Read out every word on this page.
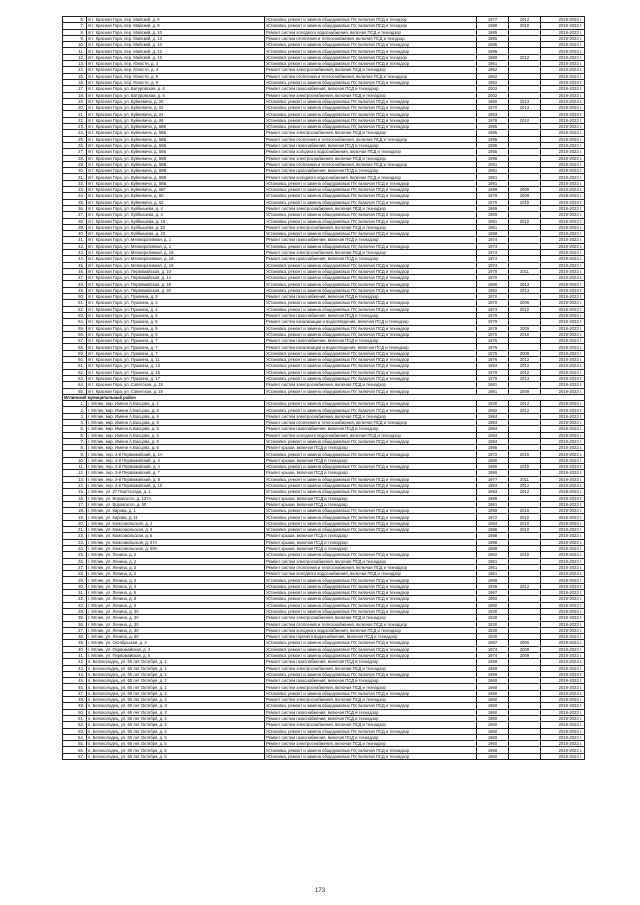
6.	пгт. Красная Гора, пер. Майский, д. 6	Установка, ремонт и замена общедомовых ПУ, включая ПСД и техндзор	1977	2012	2019-2023 г.
7.	пгт. Красная Гора, пер. Майский, д. 8	Установка, ремонт и замена общедомовых ПУ, включая ПСД и техндзор	1980	2010	2019-2023 г.
8.	пгт. Красная Гора, пер. Майский, д. 10	Ремонт систем холодного водоснабжения, включая ПСД и технадзор	1985		2019-2023 г.
9.	пгт. Красная Гора, пер. Майский, д. 10	Ремонт систем отопления и теплоснабжения, включая ПСД и техндзор	1985		2019-2023 г.
10.	пгт. Красная Гора, пер. Майский, д. 10	Установка, ремонт и замена общедомовых ПУ, включая ПСД и технадзор	1985		2019-2023 г.
11.	пгт. Красная Гора, пер. Майский, д. 12	Установка, ремонт и замена общедомовых ПУ, включая ПСД и технадзор	1985		2019-2023 г.
12.	пгт. Красная Гора, пер. Майский, д. 16	Установка, ремонт и замена общедомовых ПУ, включая ПСД и техндзор	1989	2012	2019-2023 г.
13.	пгт. Красная Гора, пер. Юности, д. 4	Установка, ремонт и замена общедомовых ПУ, включая ПСД и технадзор	1961		2019-2023 г.
14.	пгт. Красная Гора, пер. Юности, д. 4	Ремонт систем электроснабжения, включая ПСД и технадзор	1962		2019-2023 г.
15.	пгт. Красная Гора, пер. Юности, д. 6	Ремонт систем отопления и теплоснабжения, включая ПСД и технадзор	1962		2019-2023 г.
16.	пгт. Красная Гора, пер. Юности, д. 6	Установка, ремонт и замена общедомовых ПУ, включая ПСД и технадзор	1962		2019-2023 г.
17.	пгт. Красная Гора, ул. Батуровская, д. 6	Ремонт систем газоснабжения, включая ПСД и технадзор	2002		2019-2023 г.
18.	пгт. Красная Гора, ул. Батуровская, д. 6	Ремонт систем электроснабжения, включая ПСД и технадзор	2002		2019-2023 г.
19.	пгт. Красная Гора, ул. Буйневича, д. 20	Установка, ремонт и замена общедомовых ПУ, включая ПСД и технадзор	1966	2013	2019-2023 г.
20.	пгт. Красная Гора, ул. Буйневича, д. 22	Установка, ремонт и замена общедомовых ПУ, включая ПСД и технадзор	1970	2013	2019-2023 г.
21.	пгт. Красная Гора, ул. Буйневича, д. 24	Установка, ремонт и замена общедомовых ПУ, включая ПСД и технадзор	1963		2019-2023 г.
22.	пгт. Красная Гора, ул. Буйневича, д. 26	Установка, ремонт и замена общедомовых ПУ, включая ПСД и технадзор	1976	2010	2019-2023 г.
23.	пгт. Красная Гора, ул. Буйневича, д. 58Б	Установка, ремонт и замена общедомовых ПУ, включая ПСД и технадзор	1995		2019-2023 г.
24.	пгт. Красная Гора, ул. Буйневича, д. 58Б	Ремонт систем электроснабжения, включая ПСД и технадзор	1995		2019-2023 г.
25.	пгт. Красная Гора, ул. Буйневича, д. 58Б	Ремонт систем отопления и теплоснабжения, включая ПСД и технадзор	1995		2019-2023 г.
26.	пгт. Красная Гора, ул. Буйневича, д. 58Б	Ремонт систем газоснабжения, включая ПСД и технадзор	1995		2019-2023 г.
27.	пгт. Красная Гора, ул. Буйневича, д. 58Б	Ремонт систем холодного водоснабжения, включая ПСД и технадзор	1995		2019-2023 г.
28.	пгт. Красная Гора, ул. Буйневича, д. 58В	Ремонт систем электроснабжения, включая ПСД и технадзор	1995		2019-2023 г.
29.	пгт. Красная Гора, ул. Буйневича, д. 58В	Ремонт систем отопления и теплоснабжения, включая ПСД и технадзор	1991		2019-2023 г.
30.	пгт. Красная Гора, ул. Буйневича, д. 58В	Ремонт систем газоснабжения, включая ПСД и технадзор	1991		2019-2023 г.
31.	пгт. Красная Гора, ул. Буйневича, д. 58В	Ремонт систем холодного водоснабжения, включая ПСД и технадзор	1991		2019-2023 г.
32.	пгт. Красная Гора, ул. Буйневича, д. 58В	Установка, ремонт и замена общедомовых ПУ, включая ПСД и технадзор	1991		2019-2023 г.
33.	пгт. Красная Гора, ул. Буйневича, д. 58Г	Установка, ремонт и замена общедомовых ПУ, включая ПСД и технадзор	1989	2009	2019-2023 г.
34.	пгт. Красная Гора, ул. Буйневича, д. 60	Установка, ремонт и замена общедомовых ПУ, включая ПСД и технадзор	1978	2009	2019-2023 г.
35.	пгт. Красная Гора, ул. Буйневича, д. 62	Установка, ремонт и замена общедомовых ПУ, включая ПСД и технадзор	1970	2010	2019-2023 г.
36.	пгт. Красная Гора, ул. Куйбышева, д. 4	Ремонт систем электроснабжения, включая ПСД и технадзор	1969		2019-2023 г.
37.	пгт. Красная Гора, ул. Куйбышева, д. 4	Установка, ремонт и замена общедомовых ПУ, включая ПСД и технадзор	1969		2019-2023 г.
38.	пгт. Красная Гора, ул. Куйбышева, д. 19	Установка, ремонт и замена общедомовых ПУ, включая ПСД и технадзор	1961	2010	2019-2023 г.
39.	пгт. Красная Гора, ул. Куйбышева, д. 23	Ремонт систем электроснабжения, включая ПСД и технадзор	1961		2019-2023 г.
40.	пгт. Красная Гора, ул. Куйбышева, д. 23	Установка, ремонт и замена общедомовых ПУ, включая ПСД и технадзор	1969		2019-2023 г.
41.	пгт. Красная Гора, ул. Мелиоративная, д. 1	Ремонт систем газоснабжения, включая ПСД и технадзор	1974		2019-2023 г.
42.	пгт. Красная Гора, ул. Мелиоративная, д. 1	Установка, ремонт и замена общедомовых ПУ, включая ПСД и технадзор	1974		2019-2023 г.
43.	пгт. Красная Гора, ул. Мелиоративная, д. 19	Ремонт систем электроснабжения, включая ПСД и технадзор	1974		2019-2023 г.
44.	пгт. Красная Гора, ул. Мелиоративная, д. 19	Ремонт систем газоснабжения, включая ПСД и технадзор	1974		2019-2023 г.
45.	пгт. Красная Гора, ул. Мелиоративная, д. 19	Установка, ремонт и замена общедомовых ПУ, включая ПСД и технадзор	1974		2019-2023 г.
46.	пгт. Красная Гора, ул. Первомайская, д. 10	Установка, ремонт и замена общедомовых ПУ, включая ПСД и технадзор	1970	2011	2019-2023 г.
47.	пгт. Красная Гора, ул. Первомайская, д. 14	Установка, ремонт и замена общедомовых ПУ, включая ПСД и технадзор	1970		2019-2023 г.
48.	пгт. Красная Гора, ул. Первомайская, д. 18	Установка, ремонт и замена общедомовых ПУ, включая ПСД и технадзор	1980	2013	2019-2023 г.
49.	пгт. Красная Гора, ул. Первомайская, д. 20	Установка, ремонт и замена общедомовых ПУ, включая ПСД и технадзор	1982	2013	2019-2023 г.
50.	пгт. Красная Гора, ул. Пушкина, д. 3	Ремонт систем газоснабжения, включая ПСД и технадзор	1970		2019-2023 г.
51.	пгт. Красная Гора, ул. Пушкина, д. 3	Установка, ремонт и замена общедомовых ПУ, включая ПСД и технадзор	1970	2009	2019-2023 г.
52.	пгт. Красная Гора, ул. Пушкина, д. 4	Установка, ремонт и замена общедомовых ПУ, включая ПСД и технадзор	1973	2010	2019-2023 г.
53.	пгт. Красная Гора, ул. Пушкина, д. 5	Ремонт систем газоснабжения, включая ПСД и технадзор	1979		2019-2023 г.
54.	пгт. Красная Гора, ул. Пушкина, д. 5	Ремонт систем канализации и водоотведения, включая ПСД и технадзор	1979		2019-2023 г.
55.	пгт. Красная Гора, ул. Пушкина, д. 5	Установка, ремонт и замена общедомовых ПУ, включая ПСД и технадзор	1979	2005	2019-2023 г.
56.	пгт. Красная Гора, ул. Пушкина, д. 6	Установка, ремонт и замена общедомовых ПУ, включая ПСД и технадзор	1970	2010	2019-2023 г.
57.	пгт. Красная Гора, ул. Пушкина, д. 7	Ремонт систем газоснабжения, включая ПСД и технадзор	1975		2019-2023 г.
58.	пгт. Красная Гора, ул. Пушкина, д. 7	Ремонт систем канализации и водоотведения, включая ПСД и технадзор	1975		2019-2023 г.
59.	пгт. Красная Гора, ул. Пушкина, д. 7	Установка, ремонт и замена общедомовых ПУ, включая ПСД и технадзор	1975	2009	2019-2023 г.
60.	пгт. Красная Гора, ул. Пушкина, д. 11	Установка, ремонт и замена общедомовых ПУ, включая ПСД и технадзор	1976	2012	2019-2023 г.
61.	пгт. Красная Гора, ул. Пушкина, д. 13	Установка, ремонт и замена общедомовых ПУ, включая ПСД и технадзор	1984	2012	2019-2023 г.
62.	пгт. Красная Гора, ул. Пушкина, д. 15	Установка, ремонт и замена общедомовых ПУ, включая ПСД и технадзор	1979	2012	2019-2023 г.
63.	пгт. Красная Гора, ул. Пушкина, д. 17	Установка, ремонт и замена общедомовых ПУ, включая ПСД и технадзор	1979	2013	2019-2023 г.
64.	пгт. Красная Гора, ул. Советская, д. 19	Ремонт систем электроснабжения, включая ПСД и технадзор	1981		2019-2023 г.
65.	пгт. Красная Гора, ул. Советская, д. 19	Установка, ремонт и замена общедомовых ПУ, включая ПСД и технадзор	1981	2009	2019-2023 г.
Мглинский муниципальный район					
1.	г. Мглин, мкр. Имени А.Васцова, д. 1	Установка, ремонт и замена общедомовых ПУ, включая ПСД и технадзор	1930	2012	2019-2023 г.
2.	г. Мглин, мкр. Имени А.Васцова, д. 2	Установка, ремонт и замена общедомовых ПУ, включая ПСД и технадзор	1982	2012	2019-2023 г.
3.	г. Мглин, мкр. Имени А.Васцова, д. 5	Ремонт систем электроснабжения, включая ПСД и технадзор	1984		2019-2023 г.
4.	г. Мглин, мкр. Имени А.Васцова, д. 5	Ремонт систем отопления и теплоснабжения, включая ПСД и технадзор	1984		2019-2023 г.
5.	г. Мглин, мкр. Имени А.Васцова, д. 5	Ремонт систем газоснабжения, включая ПСД и технадзор	1984		2019-2023 г.
6.	г. Мглин, мкр. Имени А.Васцова, д. 5	Ремонт систем холодного водоснабжения, включая ПСД и технадзор	1984		2019-2023 г.
7.	г. Мглин, мкр. Имени А.Васцова, д. 6	Установка, ремонт и замена общедомовых ПУ, включая ПСД и технадзор	1984		2019-2023 г.
8.	г. Мглин, мкр. Имени А.Васцова, д. 6	Ремонт крыши, включая ПСД и технадзор	1995		2019-2023 г.
9.	г. Мглин, пер. 2-й Первомайский, д. 1А	Установка, ремонт и замена общедомовых ПУ, включая ПСД и технадзор	1972	2010	2019-2023 г.
10.	г. Мглин, пер. 2-й Первомайский, д. 4	Ремонт крыши, включая ПСД и технадзор	1980		2019-2023 г.
11.	г. Мглин, пер. 2-й Первомайский, д. 4	Установка, ремонт и замена общедомовых ПУ, включая ПСД и технадзор	1980	2010	2019-2023 г.
12.	г. Мглин, пер. 2-й Первомайский, д. 7	Ремонт крыши, включая ПСД и технадзор	1990		2019-2023 г.
13.	г. Мглин, пер. 2-й Первомайский, д. 8	Установка, ремонт и замена общедомовых ПУ, включая ПСД и технадзор	1977	2011	2019-2023 г.
14.	г. Мглин, пер. 2-й Первомайский, д. 10	Установка, ремонт и замена общедомовых ПУ, включая ПСД и технадзор	1984	2012	2019-2023 г.
15.	г. Мглин, ул. 27 Партсъезда, д. 1	Установка, ремонт и замена общедомовых ПУ, включая ПСД и технадзор	1993	2012	2019-2023 г.
16.	г. Мглин, ул. Воровского, д. 127А	Ремонт крыши, включая ПСД и технадзор	1988		2019-2023 г.
17.	г. Мглин, ул. Воровского, д. 30	Ремонт крыши, включая ПСД и технадзор	1961		2019-2023 г.
18.	г. Мглин, ул. Кирова, д. 1	Установка, ремонт и замена общедомовых ПУ, включая ПСД и технадзор	1958	2010	2019-2023 г.
19.	г. Мглин, ул. Кирова, д. 11	Установка, ремонт и замена общедомовых ПУ, включая ПСД и технадзор	1972	2010	2019-2023 г.
20.	г. Мглин, ул. Комсомольская, д. 1	Установка, ремонт и замена общедомовых ПУ, включая ПСД и технадзор	1984	2010	2019-2023 г.
21.	г. Мглин, ул. Комсомольская, д. 3	Установка, ремонт и замена общедомовых ПУ, включая ПСД и технадзор	1986	2010	2019-2023 г.
22.	г. Мглин, ул. Комсомольская, д. 5	Ремонт крыши, включая ПСД и технадзор	1988		2019-2023 г.
23.	г. Мглин, ул. Комсомольская, д. 57А	Ремонт крыши, включая ПСД и технадзор	1988		2019-2023 г.
24.	г. Мглин, ул. Комсомольская, д. 59А	Ремонт крыши, включая ПСД и технадзор	1989		2019-2023 г.
25.	г. Мглин, ул. Ленина, д. 2	Установка, ремонт и замена общедомовых ПУ, включая ПСД и технадзор	1962	2010	2019-2023 г.
26.	г. Мглин, ул. Ленина, д. 2	Ремонт систем электроснабжения, включая ПСД и технадзор	1961		2019-2023 г.
27.	г. Мглин, ул. Ленина, д. 2	Ремонт систем отопления и теплоснабжения, включая ПСД и технадзор	1961		2019-2023 г.
28.	г. Мглин, ул. Ленина, д. 2	Ремонт систем холодного водоснабжения, включая ПСД и технадзор	1961		2019-2023 г.
29.	г. Мглин, ул. Ленина, д. 3	Установка, ремонт и замена общедомовых ПУ, включая ПСД и технадзор	1968		2019-2023 г.
30.	г. Мглин, ул. Ленина, д. 4	Установка, ремонт и замена общедомовых ПУ, включая ПСД и технадзор	1938	2012	2019-2023 г.
31.	г. Мглин, ул. Ленина, д. 5	Установка, ремонт и замена общедомовых ПУ, включая ПСД и технадзор	1967		2019-2023 г.
32.	г. Мглин, ул. Ленина, д. 8	Установка, ремонт и замена общедомовых ПУ, включая ПСД и технадзор	1960		2019-2023 г.
33.	г. Мглин, ул. Ленина, д. 9	Установка, ремонт и замена общедомовых ПУ, включая ПСД и технадзор	1960		2019-2023 г.
34.	г. Мглин, ул. Ленина, д. 30	Установка, ремонт и замена общедомовых ПУ, включая ПСД и технадзор	1930		2019-2023 г.
35.	г. Мглин, ул. Ленина, д. 30	Ремонт систем электроснабжения, включая ПСД и технадзор	1930		2019-2023 г.
36.	г. Мглин, ул. Ленина, д. 30	Ремонт систем отопления и теплоснабжения, включая ПСД и технадзор	1930		2019-2023 г.
37.	г. Мглин, ул. Ленина, д. 30	Ремонт систем холодного водоснабжения, включая ПСД и технадзор	1930		2019-2023 г.
38.	г. Мглин, ул. Ленина, д. 30	Ремонт систем горячего водоснабжения, включая ПСД и технадзор	1930		2019-2023 г.
39.	г. Мглин, ул. Октябрьская, д. 3	Установка, ремонт и замена общедомовых ПУ, включая ПСД и технадзор	1967	2005	2019-2023 г.
40.	г. Мглин, ул. Первомайская, д. 4	Установка, ремонт и замена общедомовых ПУ, включая ПСД и технадзор	1974	2009	2019-2023 г.
41.	г. Мглин, ул. Первомайская, д. 5	Установка, ремонт и замена общедомовых ПУ, включая ПСД и технадзор	1974	2009	2019-2023 г.
42.	п. Белоколодец, ул. 60 лет Октября, д. 1	Ремонт систем газоснабжения, включая ПСД и технадзор	1959		2019-2023 г.
43.	п. Белоколодец, ул. 60 лет Октября, д. 1	Ремонт систем электроснабжения, включая ПСД и технадзор	1959		2019-2023 г.
44.	п. Белоколодец, ул. 60 лет Октября, д. 1	Установка, ремонт и замена общедомовых ПУ, включая ПСД и технадзор	1959		2019-2023 г.
45.	п. Белоколодец, ул. 60 лет Октября, д. 2	Ремонт систем газоснабжения, включая ПСД и технадзор	1960		2019-2023 г.
46.	п. Белоколодец, ул. 60 лет Октября, д. 2	Ремонт систем электроснабжения, включая ПСД и технадзор	1960		2019-2023 г.
47.	п. Белоколодец, ул. 60 лет Октября, д. 2	Установка, ремонт и замена общедомовых ПУ, включая ПСД и технадзор	1960		2019-2023 г.
48.	п. Белоколодец, ул. 60 лет Октября, д. 3	Ремонт систем электроснабжения, включая ПСД и технадзор	1960		2019-2023 г.
49.	п. Белоколодец, ул. 60 лет Октября, д. 3	Установка, ремонт и замена общедомовых ПУ, включая ПСД и технадзор	1960		2019-2023 г.
50.	п. Белоколодец, ул. 60 лет Октября, д. 3	Ремонт систем газоснабжения, включая ПСД и технадзор	1960		2019-2023 г.
51.	п. Белоколодец, ул. 60 лет Октября, д. 4	Ремонт систем газоснабжения, включая ПСД и технадзор	1960		2019-2023 г.
52.	п. Белоколодец, ул. 60 лет Октября, д. 4	Ремонт систем электроснабжения, включая ПСД и технадзор	1960		2019-2023 г.
53.	п. Белоколодец, ул. 60 лет Октября, д. 4	Установка, ремонт и замена общедомовых ПУ, включая ПСД и технадзор	1960		2019-2023 г.
54.	п. Белоколодец, ул. 60 лет Октября, д. 5	Ремонт систем газоснабжения, включая ПСД и технадзор	1960		2019-2023 г.
55.	п. Белоколодец, ул. 60 лет Октября, д. 5	Ремонт систем электроснабжения, включая ПСД и технадзор	1960		2019-2023 г.
56.	п. Белоколодец, ул. 60 лет Октября, д. 5	Установка, ремонт и замена общедомовых ПУ, включая ПСД и технадзор	1960		2019-2023 г.
57.	п. Белоколодец, ул. 60 лет Октября, д. 5	Установка, ремонт и замена общедомовых ПУ, включая ПСД и технадзор	1960		2019-2023 г.
173
